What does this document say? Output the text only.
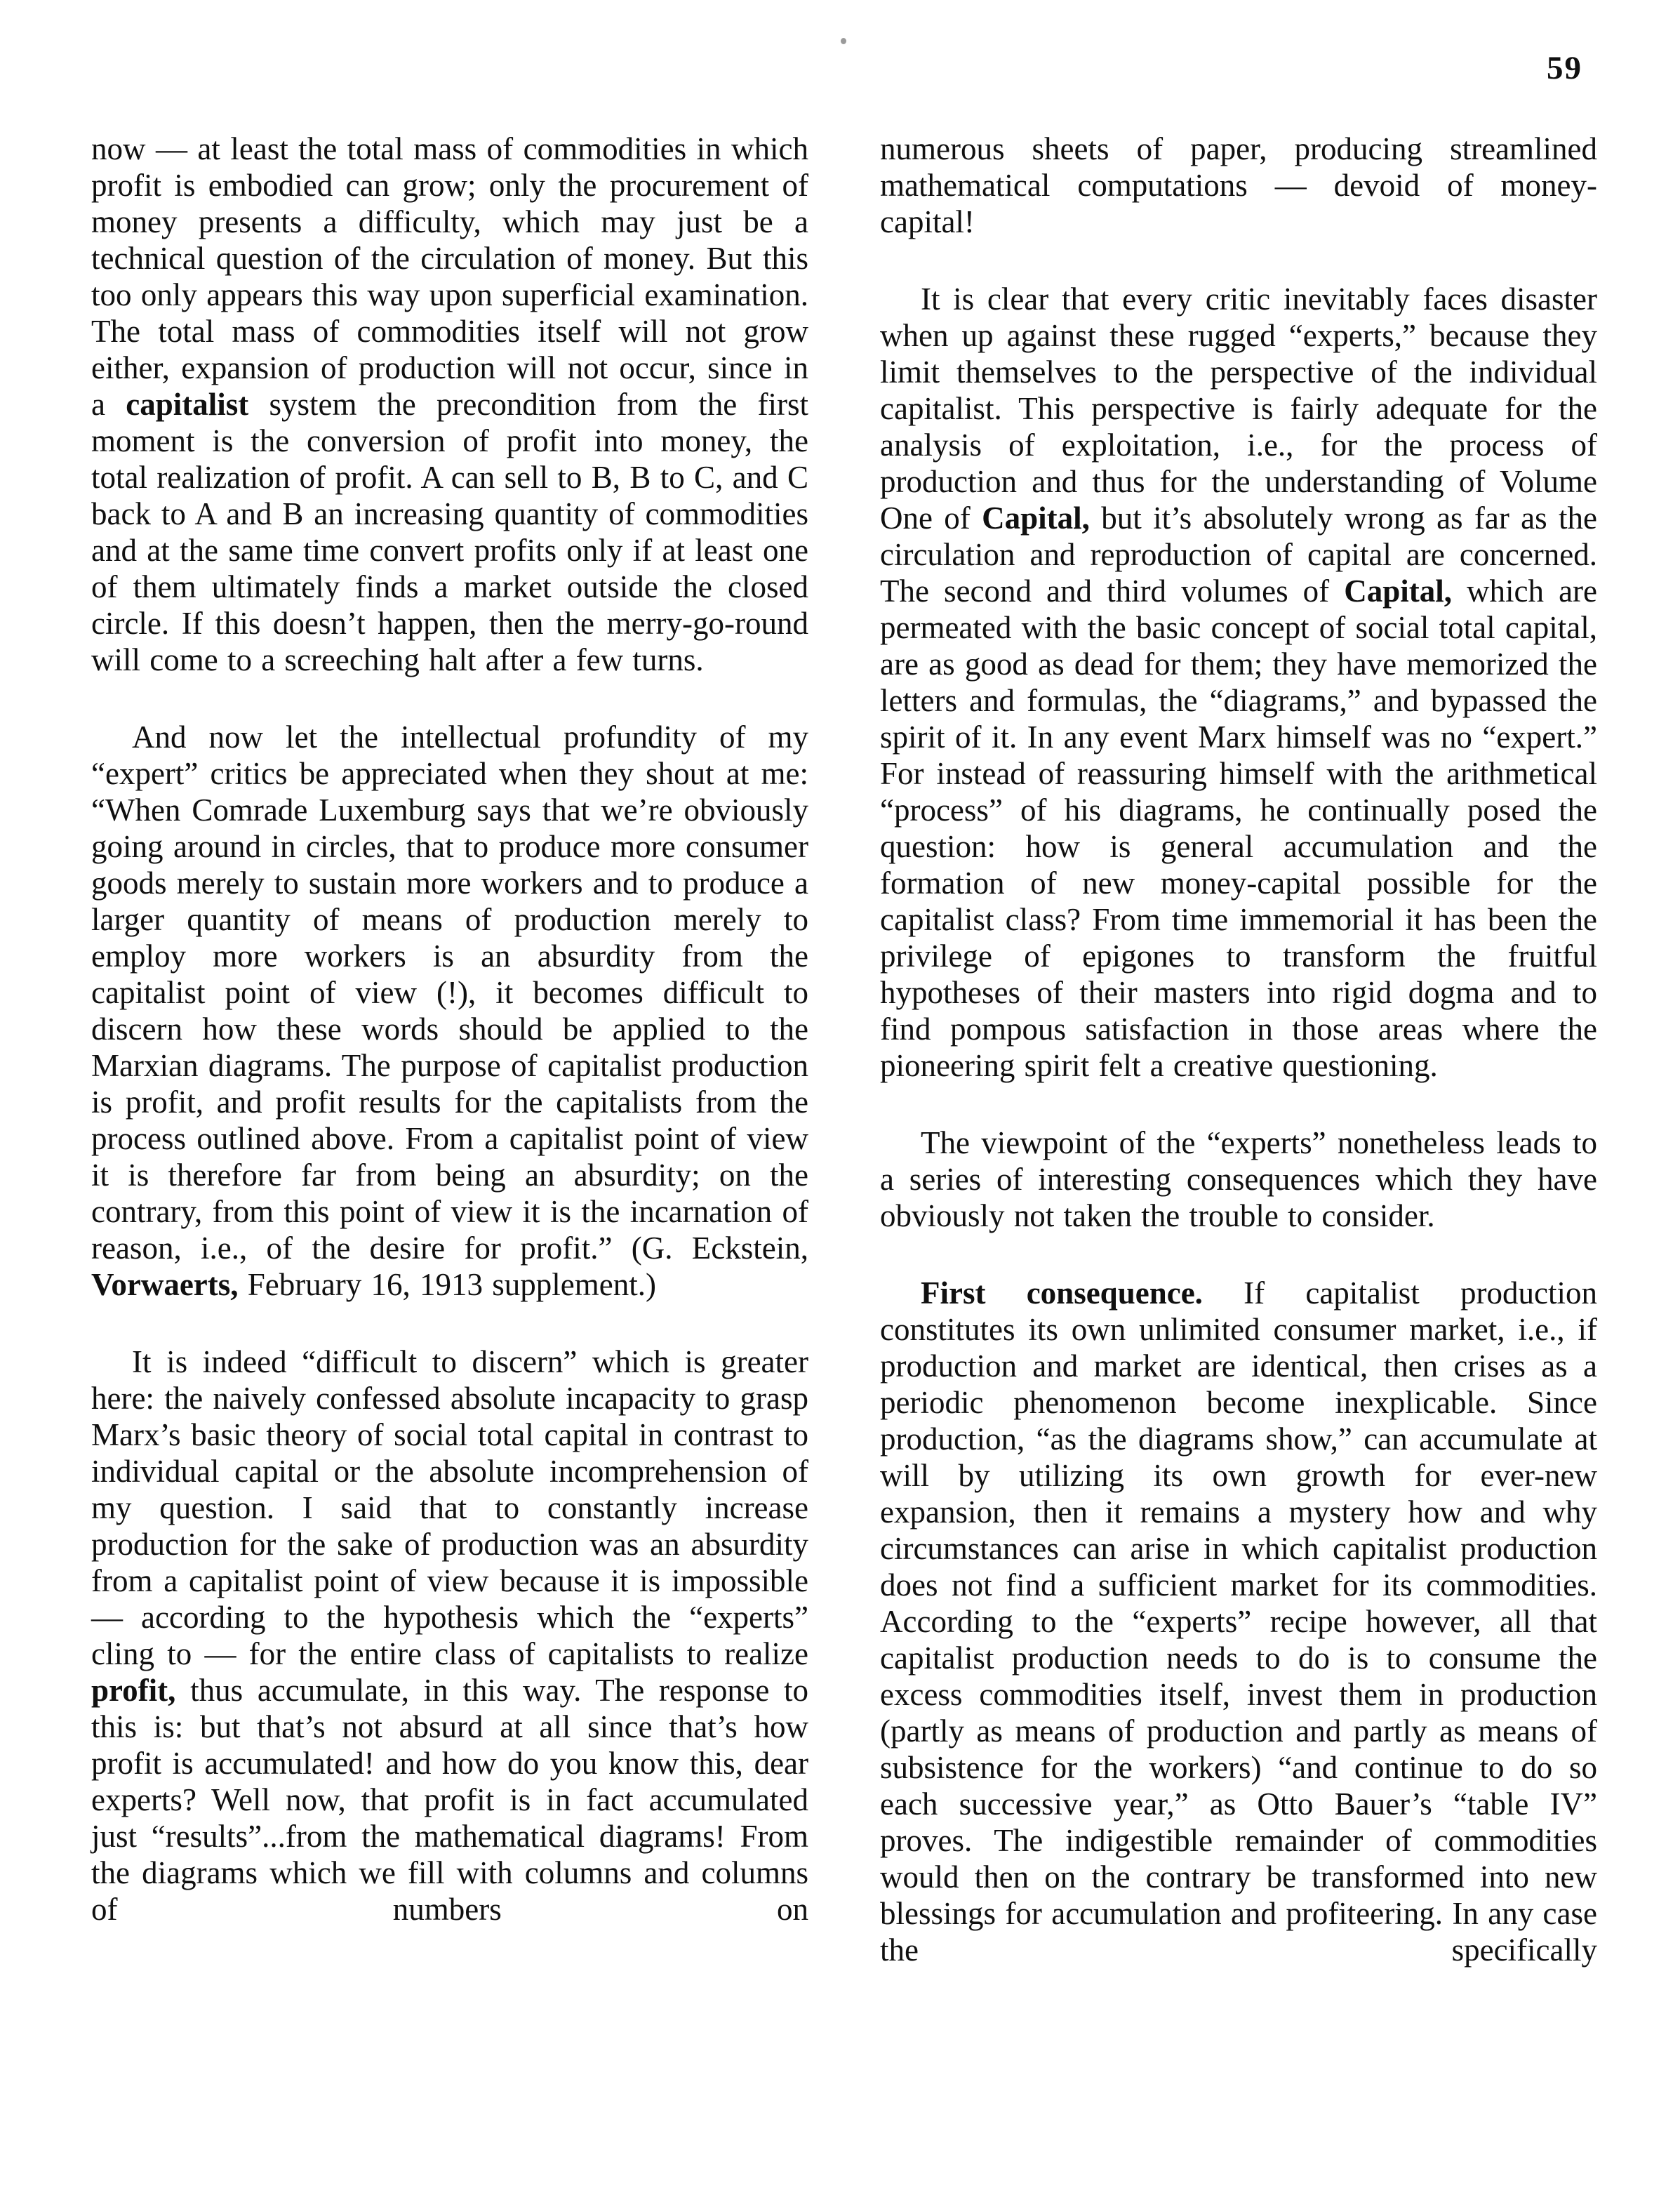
59

now — at least the total mass of commodities in which profit is embodied can grow; only the procurement of money presents a difficulty, which may just be a technical question of the circulation of money. But this too only appears this way upon superficial examination. The total mass of commodities itself will not grow either, expansion of production will not occur, since in a capitalist system the precondition from the first moment is the conversion of profit into money, the total realization of profit. A can sell to B, B to C, and C back to A and B an increasing quantity of commodities and at the same time convert profits only if at least one of them ultimately finds a market outside the closed circle. If this doesn’t happen, then the merry-go-round will come to a screeching halt after a few turns.

And now let the intellectual profundity of my “expert” critics be appreciated when they shout at me: “When Comrade Luxemburg says that we’re obviously going around in circles, that to produce more consumer goods merely to sustain more workers and to produce a larger quantity of means of production merely to employ more workers is an absurdity from the capitalist point of view (!), it becomes difficult to discern how these words should be applied to the Marxian diagrams. The purpose of capitalist production is profit, and profit results for the capitalists from the process outlined above. From a capitalist point of view it is therefore far from being an absurdity; on the contrary, from this point of view it is the incarnation of reason, i.e., of the desire for profit.” (G. Eckstein, Vorwaerts, February 16, 1913 supplement.)

It is indeed “difficult to discern” which is greater here: the naively confessed absolute incapacity to grasp Marx’s basic theory of social total capital in contrast to individual capital or the absolute incomprehension of my question. I said that to constantly increase production for the sake of production was an absurdity from a capitalist point of view because it is impossible — according to the hypothesis which the “experts” cling to — for the entire class of capitalists to realize profit, thus accumulate, in this way. The response to this is: but that’s not absurd at all since that’s how profit is accumulated! and how do you know this, dear experts? Well now, that profit is in fact accumulated just “results”...from the mathematical diagrams! From the diagrams which we fill with columns and columns of numbers on

numerous sheets of paper, producing streamlined mathematical computations — devoid of money-capital!

It is clear that every critic inevitably faces disaster when up against these rugged “experts,” because they limit themselves to the perspective of the individual capitalist. This perspective is fairly adequate for the analysis of exploitation, i.e., for the process of production and thus for the understanding of Volume One of Capital, but it’s absolutely wrong as far as the circulation and reproduction of capital are concerned. The second and third volumes of Capital, which are permeated with the basic concept of social total capital, are as good as dead for them; they have memorized the letters and formulas, the “diagrams,” and bypassed the spirit of it. In any event Marx himself was no “expert.” For instead of reassuring himself with the arithmetical “process” of his diagrams, he continually posed the question: how is general accumulation and the formation of new money-capital possible for the capitalist class? From time immemorial it has been the privilege of epigones to transform the fruitful hypotheses of their masters into rigid dogma and to find pompous satisfaction in those areas where the pioneering spirit felt a creative questioning.

The viewpoint of the “experts” nonetheless leads to a series of interesting consequences which they have obviously not taken the trouble to consider.

First consequence. If capitalist production constitutes its own unlimited consumer market, i.e., if production and market are identical, then crises as a periodic phenomenon become inexplicable. Since production, “as the diagrams show,” can accumulate at will by utilizing its own growth for ever-new expansion, then it remains a mystery how and why circumstances can arise in which capitalist production does not find a sufficient market for its commodities. According to the “experts” recipe however, all that capitalist production needs to do is to consume the excess commodities itself, invest them in production (partly as means of production and partly as means of subsistence for the workers) “and continue to do so each successive year,” as Otto Bauer’s “table IV” proves. The indigestible remainder of commodities would then on the contrary be transformed into new blessings for accumulation and profiteering. In any case the specifically
